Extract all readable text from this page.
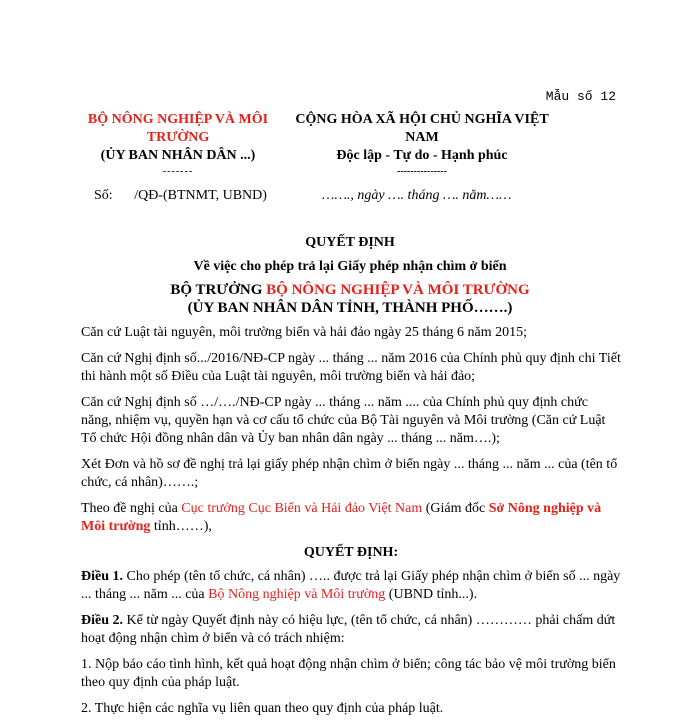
Mẫu số 12
BỘ NÔNG NGHIỆP VÀ MÔI TRƯỜNG
(ỦY BAN NHÂN DÂN ...)
-------
CỘNG HÒA XÃ HỘI CHỦ NGHĨA VIỆT NAM
Độc lập - Tự do - Hạnh phúc
---------------
Số: /QĐ-(BTNMT, UBND)	……., ngày …. tháng …. năm……
QUYẾT ĐỊNH
Về việc cho phép trả lại Giấy phép nhận chìm ở biển
BỘ TRƯỞNG BỘ NÔNG NGHIỆP VÀ MÔI TRƯỜNG
(ỦY BAN NHÂN DÂN TỈNH, THÀNH PHỐ…….)

Căn cứ Luật tài nguyên, môi trường biển và hải đảo ngày 25 tháng 6 năm 2015;

Căn cứ Nghị định số.../2016/NĐ-CP ngày ... tháng ... năm 2016 của Chính phủ quy định chi Tiết thi hành một số Điều của Luật tài nguyên, môi trường biển và hải đảo;

Căn cứ Nghị định số …/…./NĐ-CP ngày ... tháng ... năm .... của Chính phủ quy định chức năng, nhiệm vụ, quyền hạn và cơ cấu tổ chức của Bộ Tài nguyên và Môi trường (Căn cứ Luật Tổ chức Hội đồng nhân dân và Ủy ban nhân dân ngày ... tháng ... năm….);

Xét Đơn và hồ sơ đề nghị trả lại giấy phép nhận chìm ở biển ngày ... tháng ... năm ... của (tên tổ chức, cá nhân)…….;

Theo đề nghị của Cục trưởng Cục Biển và Hải đảo Việt Nam (Giám đốc Sở Nông nghiệp và Môi trường tỉnh……),

QUYẾT ĐỊNH:

Điều 1. Cho phép (tên tổ chức, cá nhân) ….. được trả lại Giấy phép nhận chìm ở biển số ... ngày ... tháng ... năm ... của Bộ Nông nghiệp và Môi trường (UBND tỉnh...).

Điều 2. Kể từ ngày Quyết định này có hiệu lực, (tên tổ chức, cá nhân) ………… phải chấm dứt hoạt động nhận chìm ở biển và có trách nhiệm:

1. Nộp báo cáo tình hình, kết quả hoạt động nhận chìm ở biển; công tác bảo vệ môi trường biển theo quy định của pháp luật.

2. Thực hiện các nghĩa vụ liên quan theo quy định của pháp luật.
